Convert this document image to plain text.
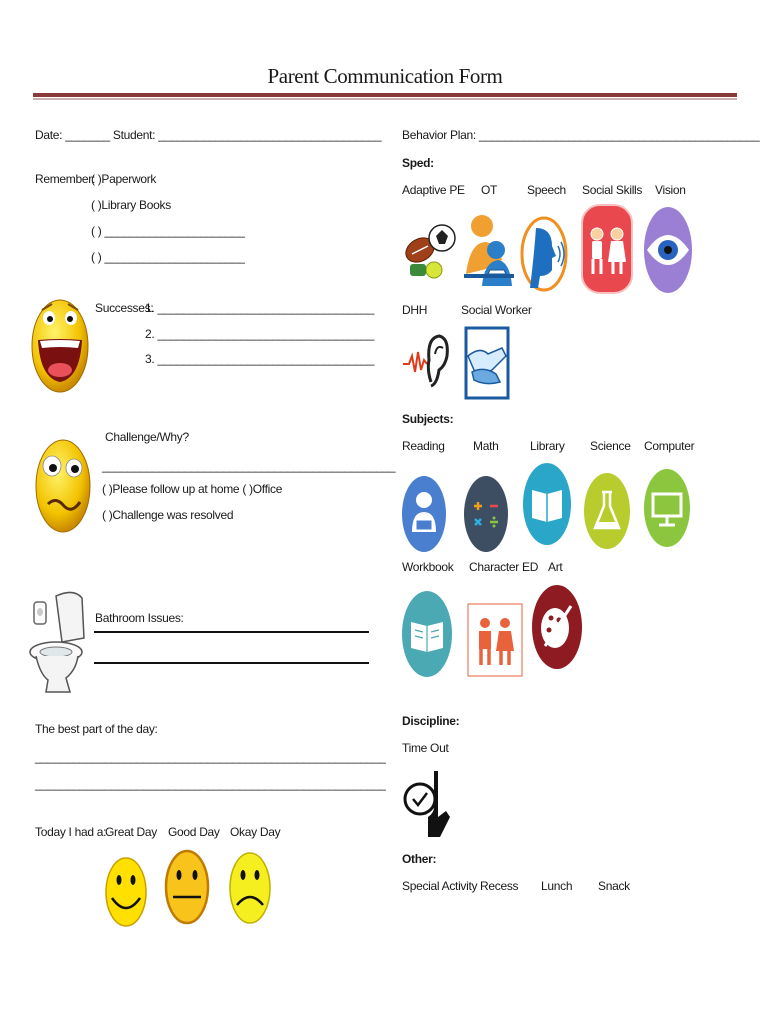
Parent Communication Form
Date: _______ Student: ___________________________________
Remember:
( )Paperwork
( )Library Books
( ) ______________________
( ) ______________________
Successes:
1. __________________________________
2. __________________________________
3. __________________________________
Challenge/Why?
______________________________________________
( )Please follow up at home ( )Office
( )Challenge was resolved
Bathroom Issues:
The best part of the day:
_______________________________________________________
_______________________________________________________
Today I had a:
Great Day Good Day Okay Day
Behavior Plan: ____________________________________________
Sped:
Adaptive PE OT Speech Social Skills Vision
DHH	Social Worker
Subjects:
Reading Math	Library Science Computer
Workbook Character ED Art
Discipline:
Time Out
Other:
Special Activity Recess Lunch Snack
